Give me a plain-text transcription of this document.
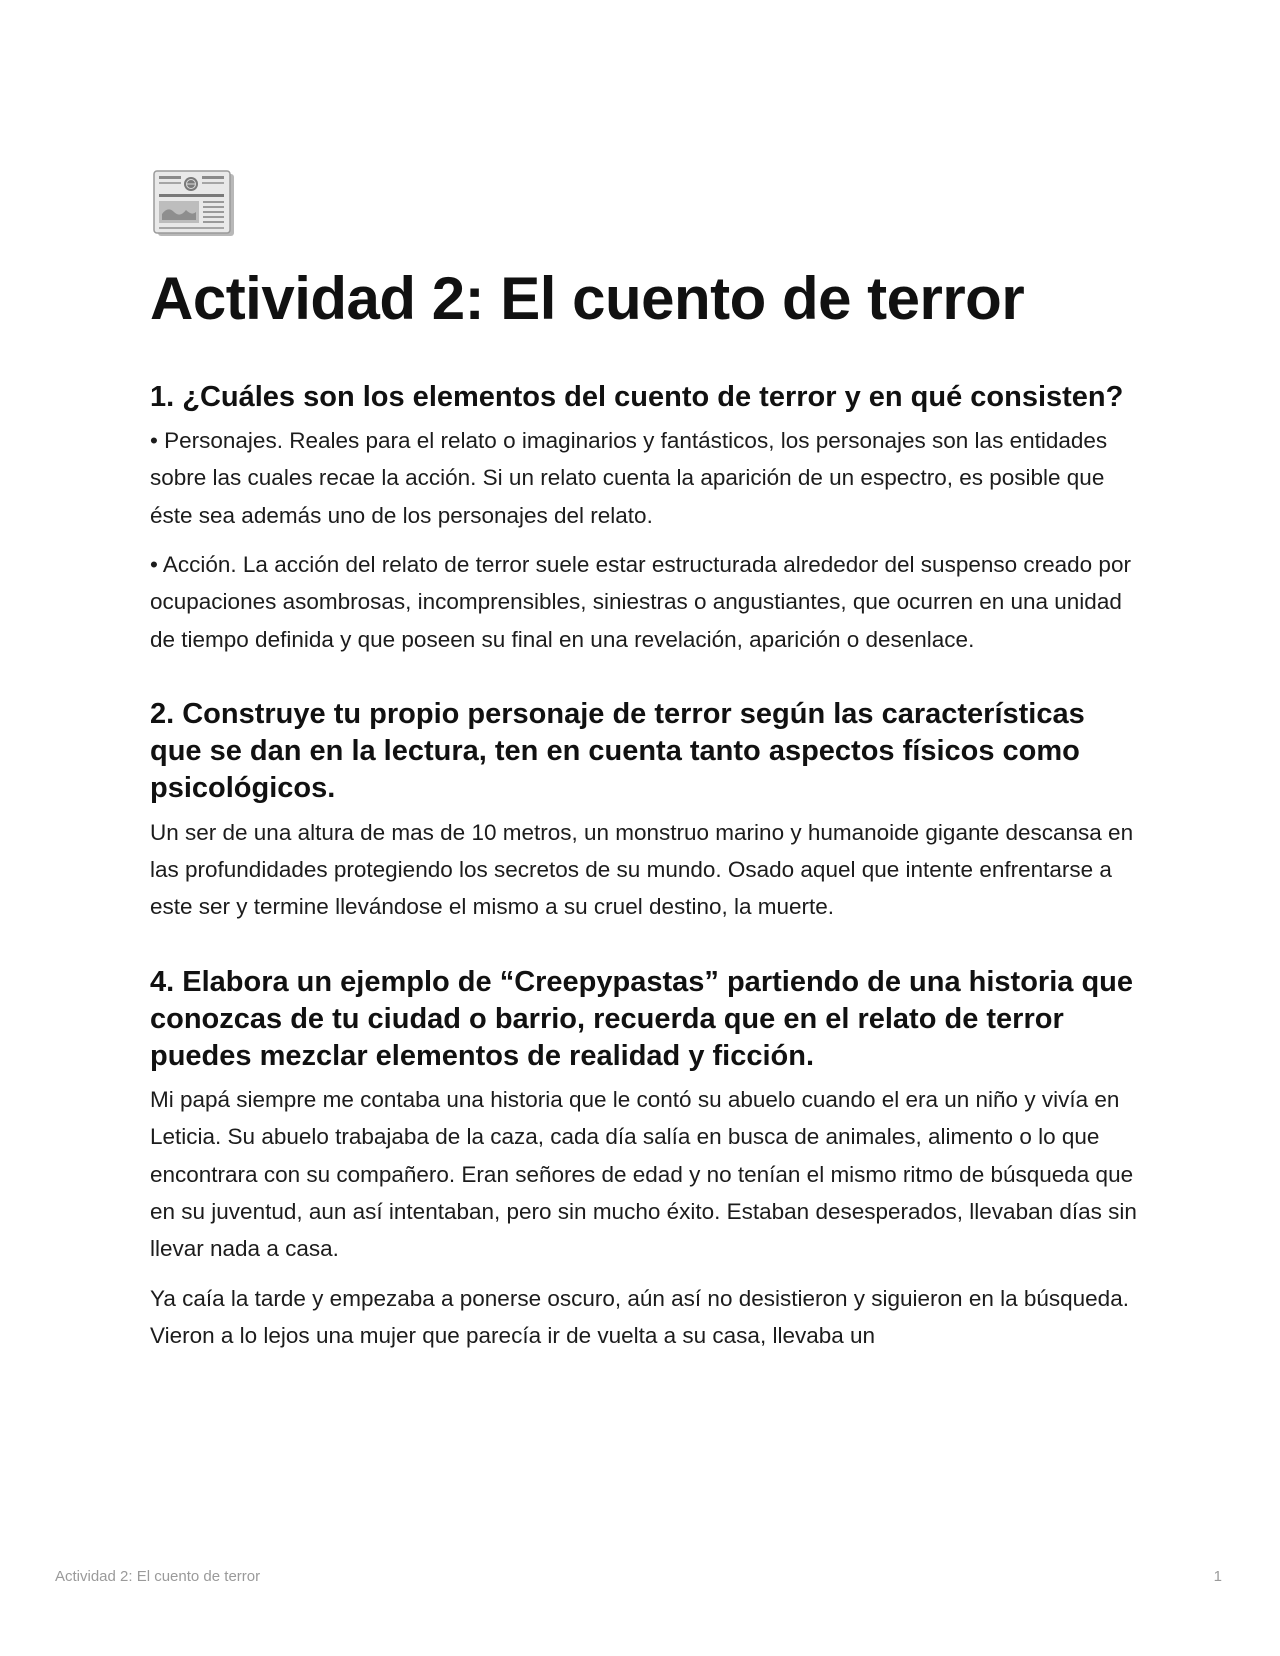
Actividad 2: El cuento de terror
1. ¿Cuáles son los elementos del cuento de terror y en qué consisten?

• Personajes. Reales para el relato o imaginarios y fantásticos, los personajes son las entidades sobre las cuales recae la acción. Si un relato cuenta la aparición de un espectro, es posible que éste sea además uno de los personajes del relato.

• Acción. La acción del relato de terror suele estar estructurada alrededor del suspenso creado por ocupaciones asombrosas, incomprensibles, siniestras o angustiantes, que ocurren en una unidad de tiempo definida y que poseen su final en una revelación, aparición o desenlace.

2. Construye tu propio personaje de terror según las características que se dan en la lectura, ten en cuenta tanto aspectos físicos como psicológicos.

Un ser de una altura de mas de 10 metros, un monstruo marino y humanoide gigante descansa en las profundidades protegiendo los secretos de su mundo. Osado aquel que intente enfrentarse a este ser y termine llevándose el mismo a su cruel destino, la muerte.

4. Elabora un ejemplo de “Creepypastas” partiendo de una historia que conozcas de tu ciudad o barrio, recuerda que en el relato de terror puedes mezclar elementos de realidad y ficción.

Mi papá siempre me contaba una historia que le contó su abuelo cuando el era un niño y vivía en Leticia. Su abuelo trabajaba de la caza, cada día salía en busca de animales, alimento o lo que encontrara con su compañero. Eran señores de edad y no tenían el mismo ritmo de búsqueda que en su juventud, aun así intentaban, pero sin mucho éxito. Estaban desesperados, llevaban días sin llevar nada a casa.

Ya caía la tarde y empezaba a ponerse oscuro, aún así no desistieron y siguieron en la búsqueda. Vieron a lo lejos una mujer que parecía ir de vuelta a su casa, llevaba un

Actividad 2: El cuento de terror	1
